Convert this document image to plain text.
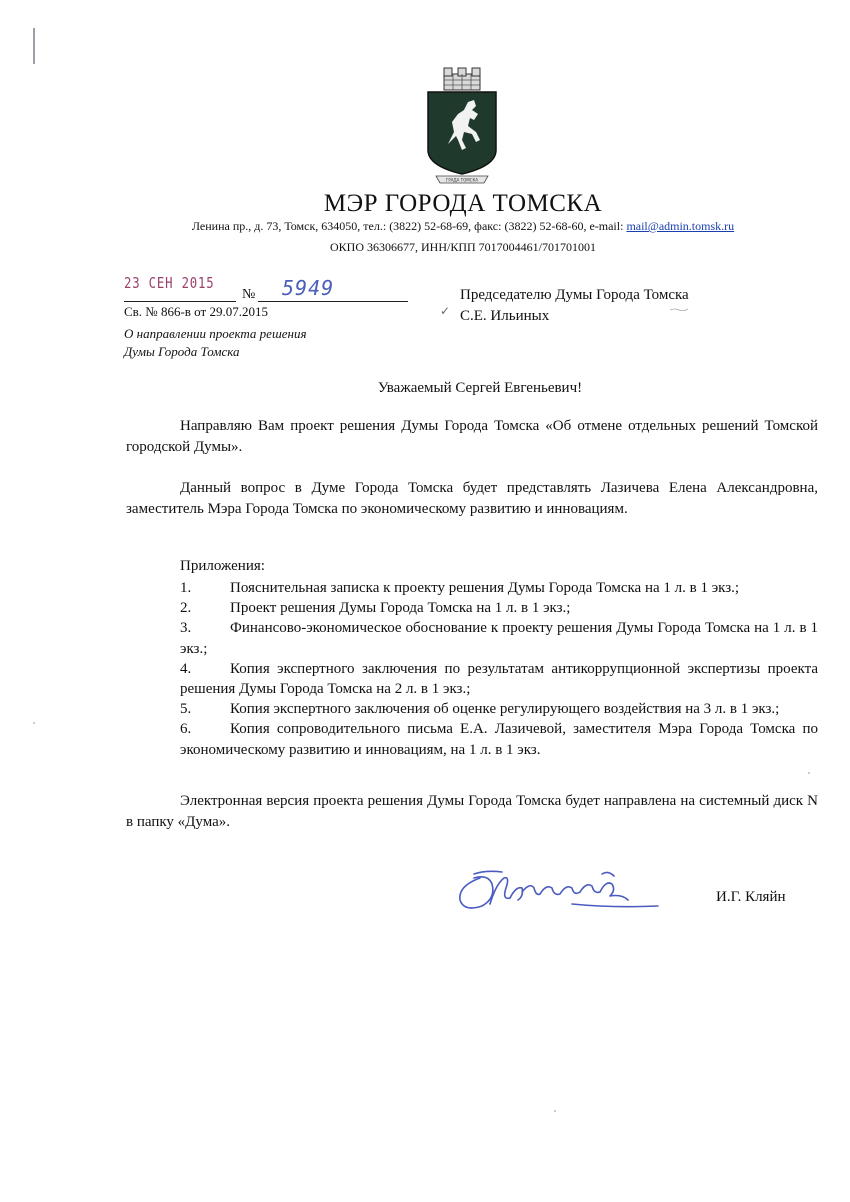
ГРАДА ТОМСКА
МЭР ГОРОДА ТОМСКА
Ленина пр., д. 73, Томск, 634050, тел.: (3822) 52-68-69, факс: (3822) 52-68-60, e-mail: mail@admin.tomsk.ru
ОКПО 36306677, ИНН/КПП 7017004461/701701001
23 СЕН 2015
№ 5949
Св. № 866-в от 29.07.2015
О направлении проекта решения
Думы Города Томска
✓
Председателю Думы Города Томска
С.Е. Ильиных
Уважаемый Сергей Евгеньевич!
Направляю Вам проект решения Думы Города Томска «Об отмене отдельных решений Томской городской Думы».
Данный вопрос в Думе Города Томска будет представлять Лазичева Елена Александровна, заместитель Мэра Города Томска по экономическому развитию и инновациям.
Приложения:
1.	Пояснительная записка к проекту решения Думы Города Томска на 1 л. в 1 экз.;
2.	Проект решения Думы Города Томска на 1 л. в 1 экз.;
3.	Финансово-экономическое обоснование к проекту решения Думы Города Томска на 1 л. в 1 экз.;
4.	Копия экспертного заключения по результатам антикоррупционной экспертизы проекта решения Думы Города Томска на 2 л. в 1 экз.;
5.	Копия экспертного заключения об оценке регулирующего воздействия на 3 л. в 1 экз.;
6.	Копия сопроводительного письма Е.А. Лазичевой, заместителя Мэра Города Томска по экономическому развитию и инновациям, на 1 л. в 1 экз.
Электронная версия проекта решения Думы Города Томска будет направлена на системный диск N в папку «Дума».
И.Г. Кляйн
